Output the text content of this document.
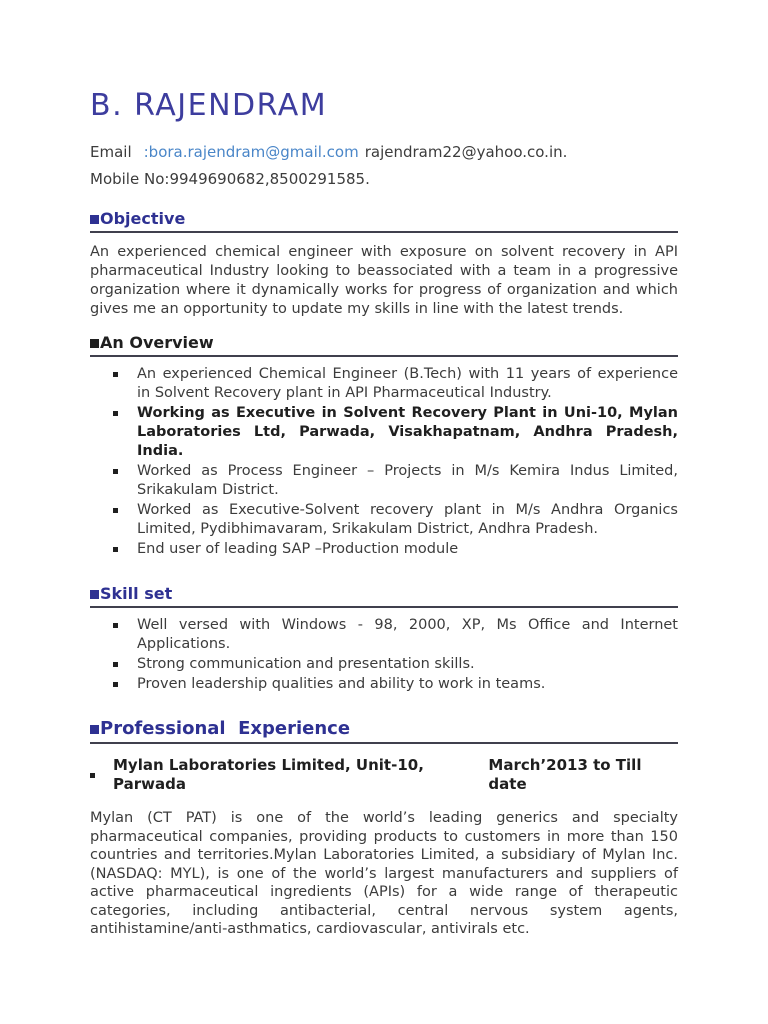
B. RAJENDRAM
Email :bora.rajendram@gmail.com rajendram22@yahoo.co.in.
Mobile No:9949690682,8500291585.
Objective

An experienced chemical engineer with exposure on solvent recovery in API pharmaceutical Industry looking to beassociated with a team in a progressive organization where it dynamically works for progress of organization and which gives me an opportunity to update my skills in line with the latest trends.

An Overview
An experienced Chemical Engineer (B.Tech) with 11 years of experience in Solvent Recovery plant in API Pharmaceutical Industry.
Working as Executive in Solvent Recovery Plant in Uni-10, Mylan Laboratories Ltd, Parwada, Visakhapatnam, Andhra Pradesh, India.
Worked as Process Engineer – Projects in M/s Kemira Indus Limited, Srikakulam District.
Worked as Executive-Solvent recovery plant in M/s Andhra Organics Limited, Pydibhimavaram, Srikakulam District, Andhra Pradesh.
End user of leading SAP –Production module
Skill set
Well versed with Windows - 98, 2000, XP, Ms Office and Internet Applications.
Strong communication and presentation skills.
Proven leadership qualities and ability to work in teams.
Professional  Experience
Mylan Laboratories Limited, Unit-10, Parwada
March’2013 to Till date

Mylan (CT PAT) is one of the world’s leading generics and specialty pharmaceutical companies, providing products to customers in more than 150 countries and territories.Mylan Laboratories Limited, a subsidiary of Mylan Inc. (NASDAQ: MYL), is one of the world’s largest manufacturers and suppliers of active pharmaceutical ingredients (APIs) for a wide range of therapeutic categories, including antibacterial, central nervous system agents, antihistamine/anti-asthmatics, cardiovascular, antivirals etc.
